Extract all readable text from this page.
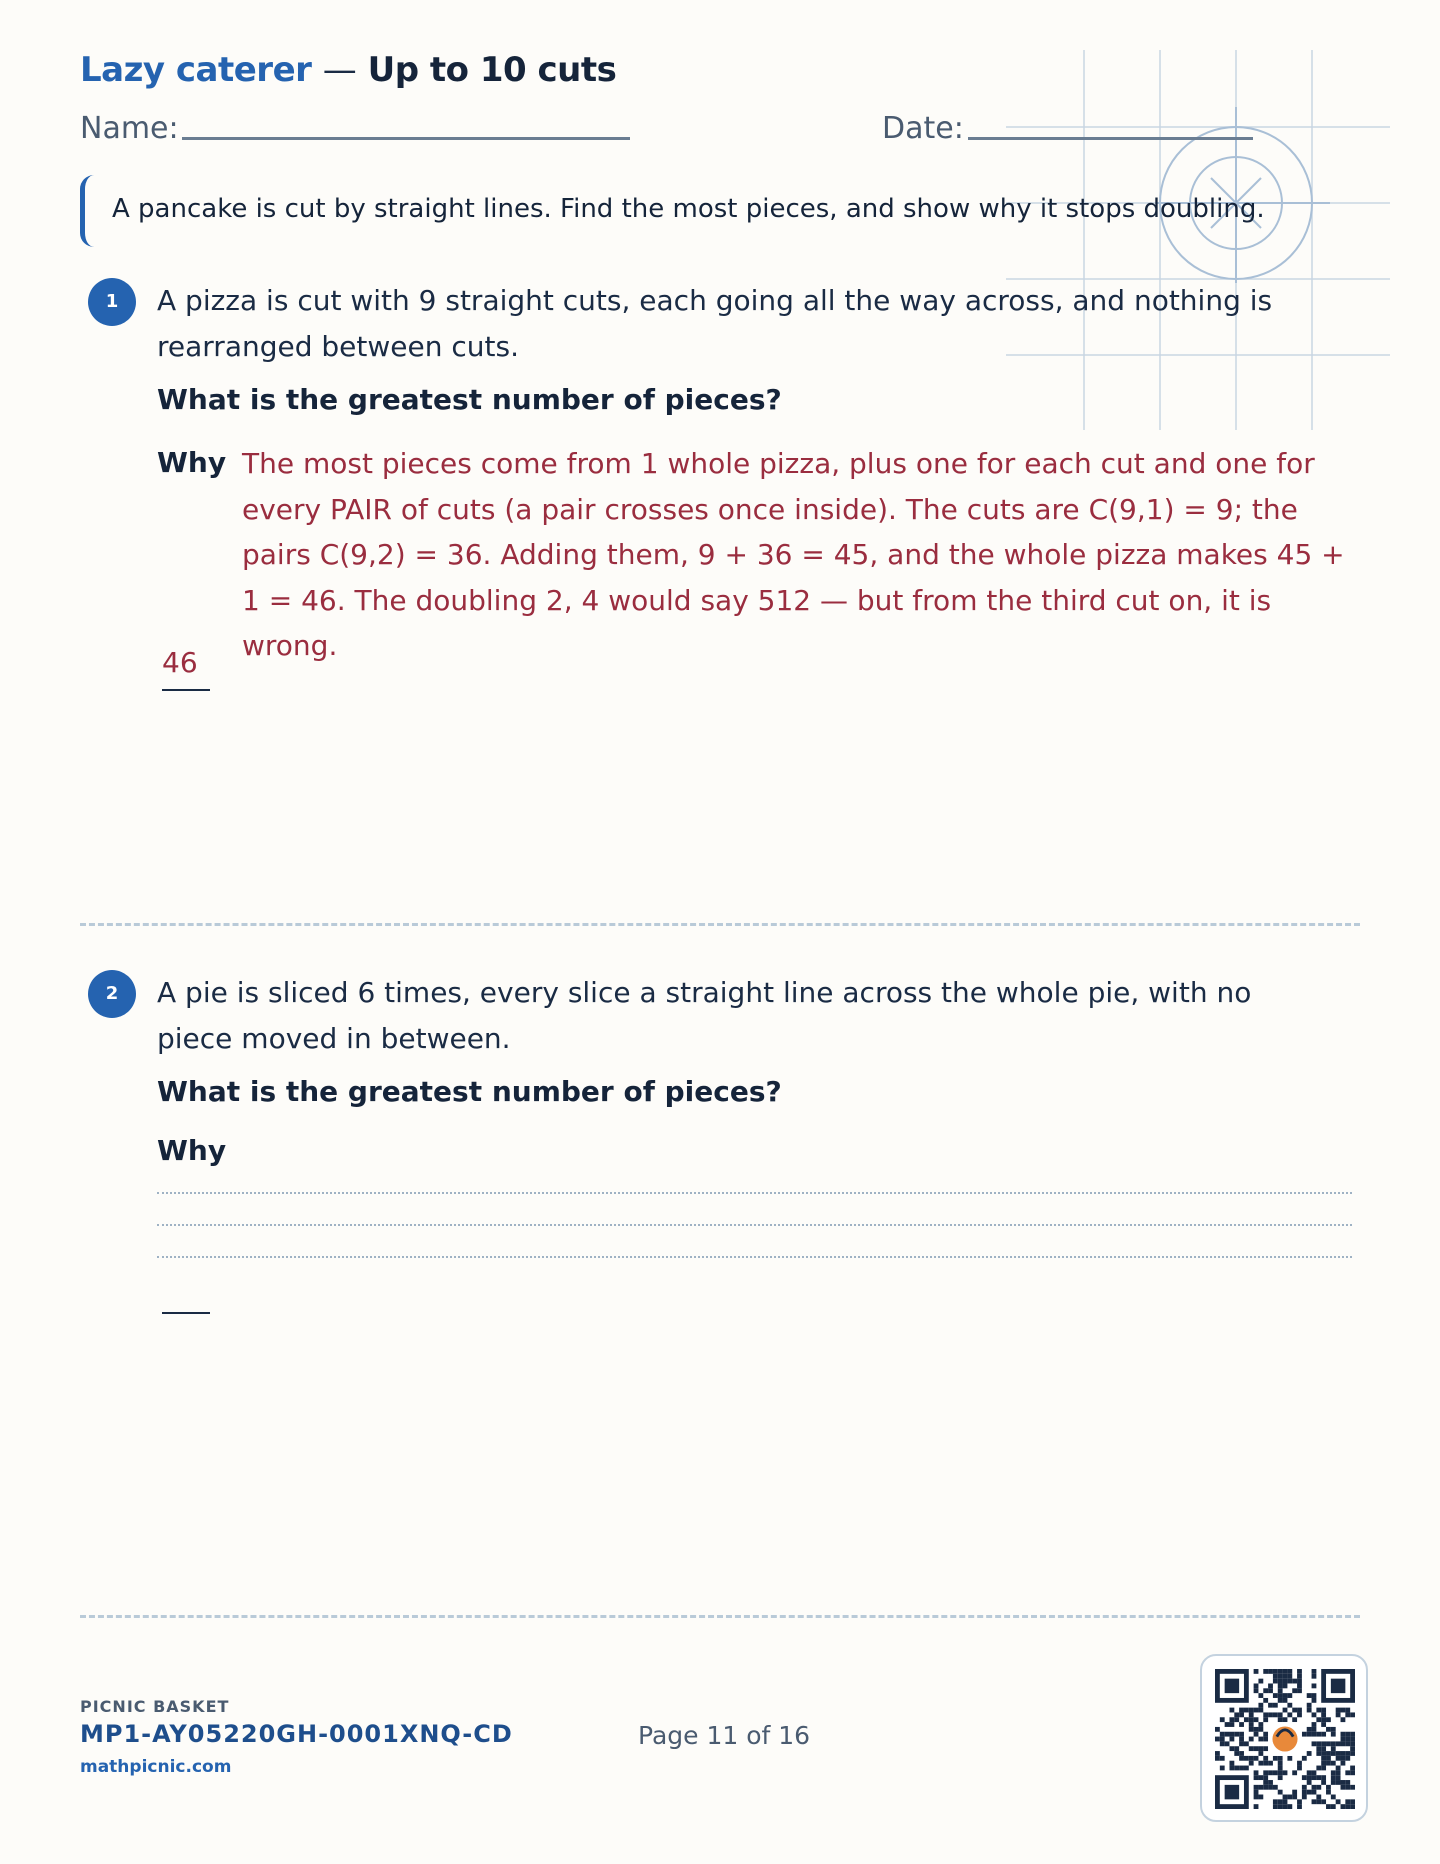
Lazy caterer — Up to 10 cuts
Name:	Date:
A pancake is cut by straight lines. Find the most pieces, and show why it stops doubling.
1	A pizza is cut with 9 straight cuts, each going all the way across, and nothing is rearranged between cuts.
What is the greatest number of pieces?
Why The most pieces come from 1 whole pizza, plus one for each cut and one for every PAIR of cuts (a pair crosses once inside). The cuts are C(9,1) = 9; the pairs C(9,2) = 36. Adding them, 9 + 36 = 45, and the whole pizza makes 45 + 1 = 46. The doubling 2, 4 would say 512 — but from the third cut on, it is wrong.
46
2	A pie is sliced 6 times, every slice a straight line across the whole pie, with no piece moved in between.
What is the greatest number of pieces?
Why
PICNIC BASKET
MP1-AY05220GH-0001XNQ-CD
mathpicnic.com
Page 11 of 16
